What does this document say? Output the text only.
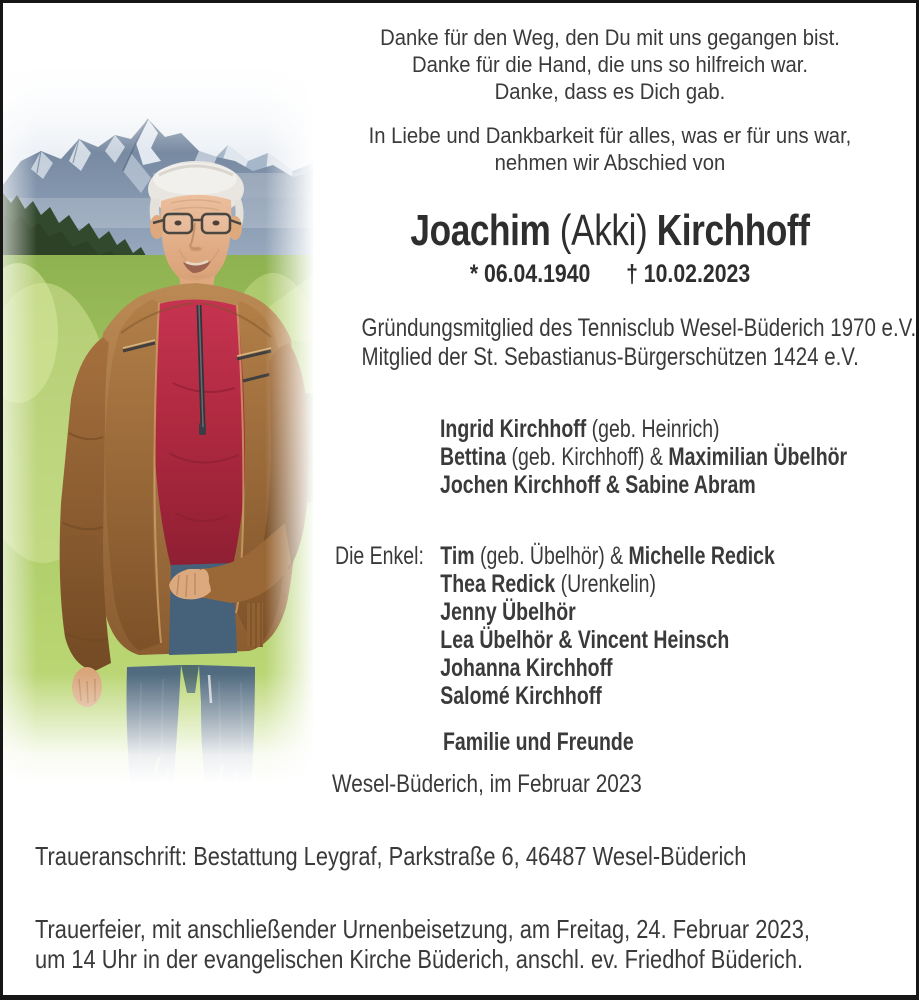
Danke für den Weg, den Du mit uns gegangen bist.
Danke für die Hand, die uns so hilfreich war.
Danke, dass es Dich gab.
In Liebe und Dankbarkeit für alles, was er für uns war,
nehmen wir Abschied von
Joachim (Akki) Kirchhoff
* 06.04.1940 † 10.02.2023
Gründungsmitglied des Tennisclub Wesel-Büderich 1970 e.V.
Mitglied der St. Sebastianus-Bürgerschützen 1424 e.V.
Ingrid Kirchhoff (geb. Heinrich)
Bettina (geb. Kirchhoff) & Maximilian Übelhör
Jochen Kirchhoff & Sabine Abram
Die Enkel: Tim (geb. Übelhör) & Michelle Redick
Thea Redick (Urenkelin)
Jenny Übelhör
Lea Übelhör & Vincent Heinsch
Johanna Kirchhoff
Salomé Kirchhoff
Familie und Freunde
Wesel-Büderich, im Februar 2023
Traueranschrift: Bestattung Leygraf, Parkstraße 6, 46487 Wesel-Büderich
Trauerfeier, mit anschließender Urnenbeisetzung, am Freitag, 24. Februar 2023,
um 14 Uhr in der evangelischen Kirche Büderich, anschl. ev. Friedhof Büderich.
